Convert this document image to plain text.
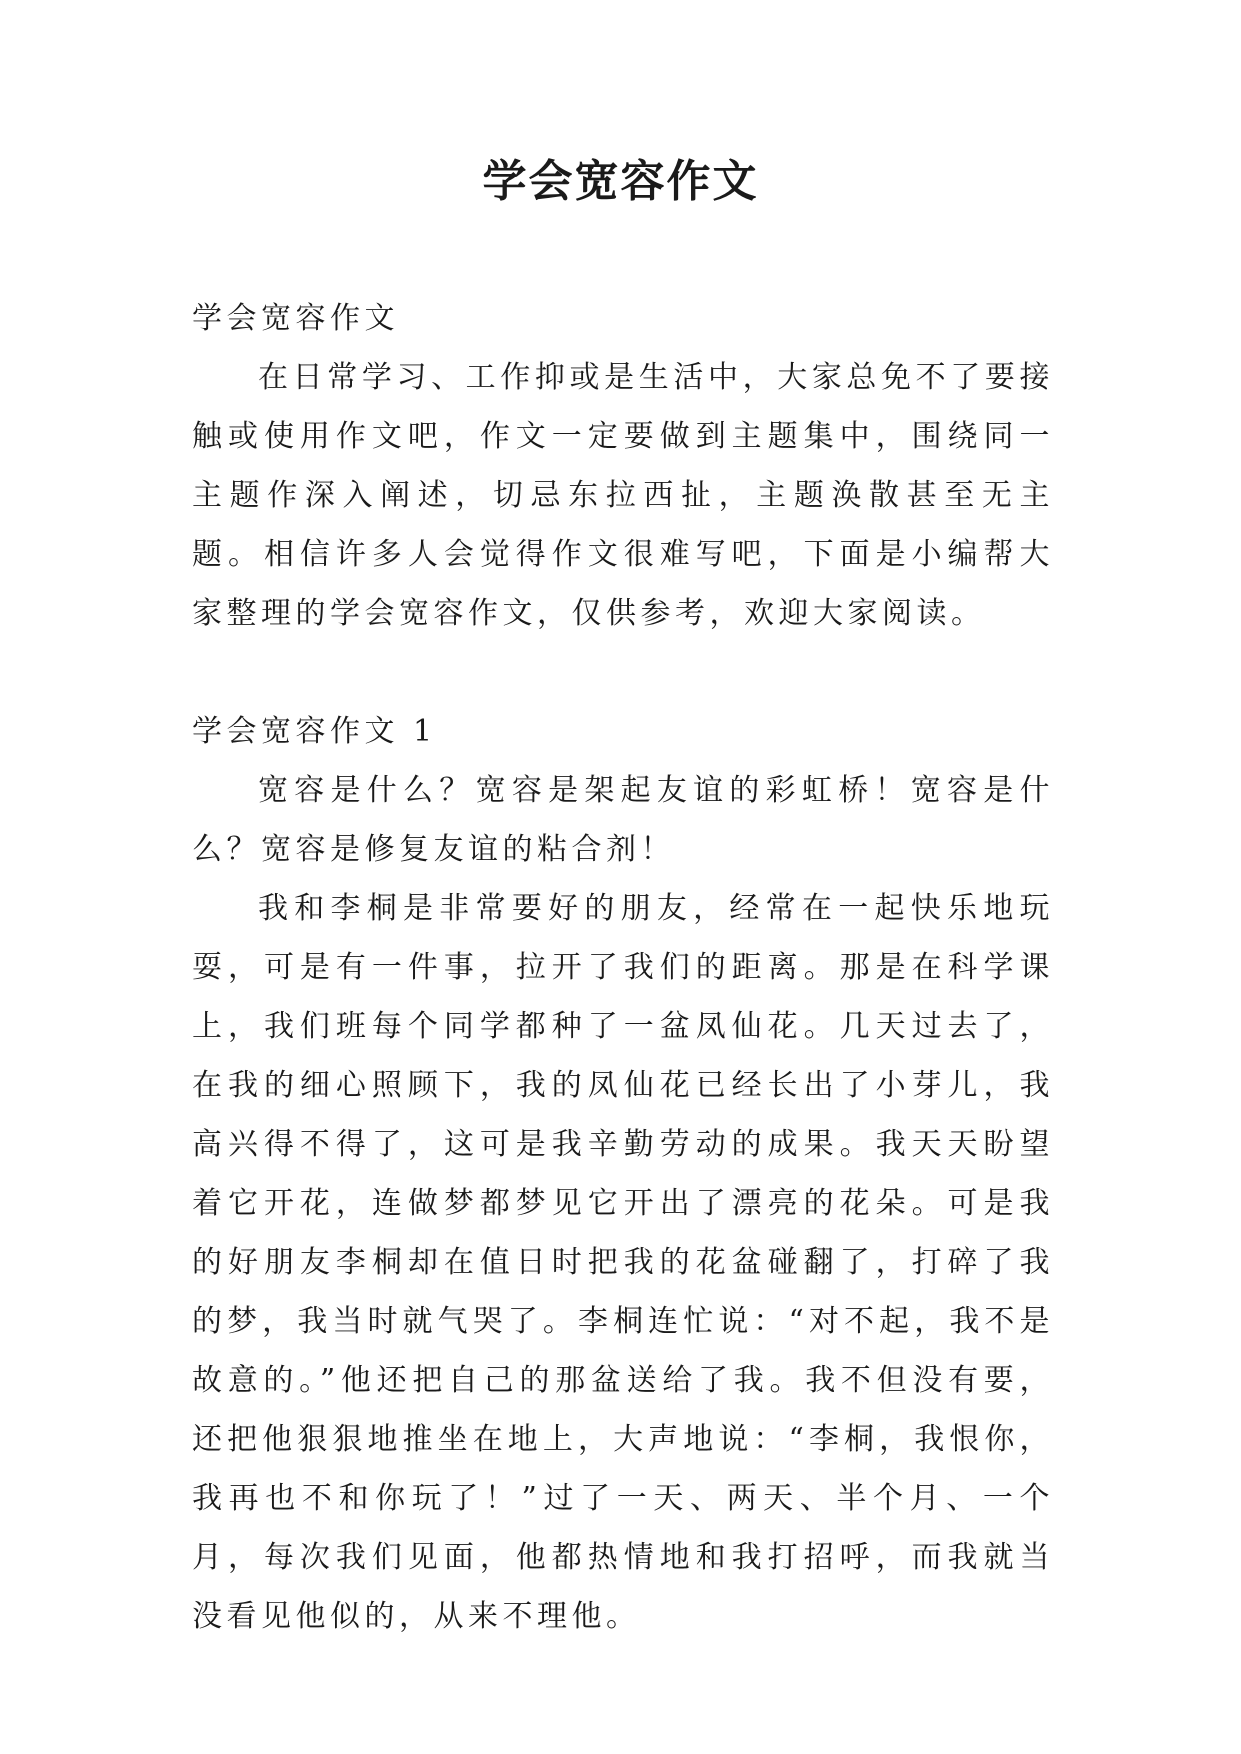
学会宽容作文

学会宽容作文

在日常学习、工作抑或是生活中，大家总免不了要接触或使用作文吧，作文一定要做到主题集中，围绕同一主题作深入阐述，切忌东拉西扯，主题涣散甚至无主题。相信许多人会觉得作文很难写吧，下面是小编帮大家整理的学会宽容作文，仅供参考，欢迎大家阅读。

学会宽容作文 1

宽容是什么？宽容是架起友谊的彩虹桥！宽容是什么？宽容是修复友谊的粘合剂！

我和李桐是非常要好的朋友，经常在一起快乐地玩耍，可是有一件事，拉开了我们的距离。那是在科学课上，我们班每个同学都种了一盆凤仙花。几天过去了，在我的细心照顾下，我的凤仙花已经长出了小芽儿，我高兴得不得了，这可是我辛勤劳动的成果。我天天盼望着它开花，连做梦都梦见它开出了漂亮的花朵。可是我的好朋友李桐却在值日时把我的花盆碰翻了，打碎了我的梦，我当时就气哭了。李桐连忙说：“对不起，我不是故意的。”他还把自己的那盆送给了我。我不但没有要，还把他狠狠地推坐在地上，大声地说：“李桐，我恨你，我再也不和你玩了！”过了一天、两天、半个月、一个月，每次我们见面，他都热情地和我打招呼，而我就当没看见他似的，从来不理他。
